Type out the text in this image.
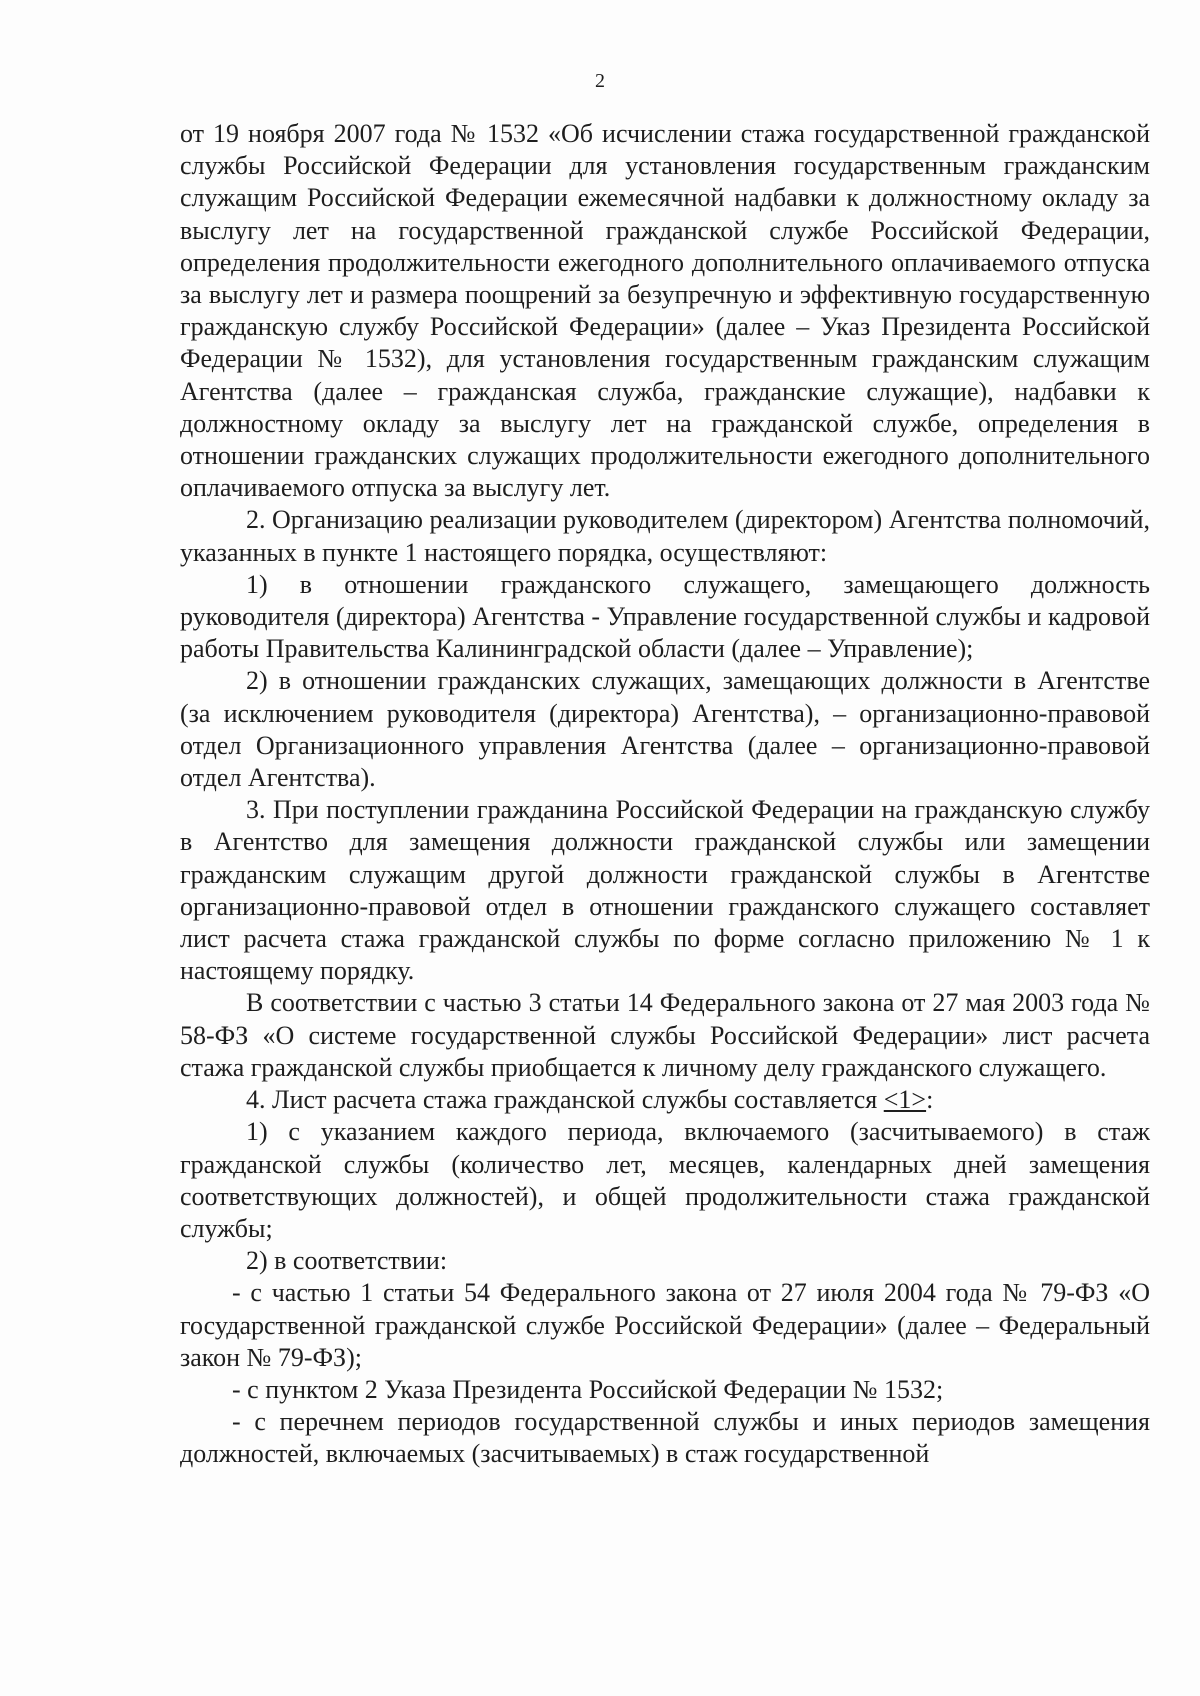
2

от 19 ноября 2007 года № 1532 «Об исчислении стажа государственной гражданской службы Российской Федерации для установления государственным гражданским служащим Российской Федерации ежемесячной надбавки к должностному окладу за выслугу лет на государственной гражданской службе Российской Федерации, определения продолжительности ежегодного дополнительного оплачиваемого отпуска за выслугу лет и размера поощрений за безупречную и эффективную государственную гражданскую службу Российской Федерации» (далее – Указ Президента Российской Федерации № 1532), для установления государственным гражданским служащим Агентства (далее – гражданская служба, гражданские служащие), надбавки к должностному окладу за выслугу лет на гражданской службе, определения в отношении гражданских служащих продолжительности ежегодного дополнительного оплачиваемого отпуска за выслугу лет.

2. Организацию реализации руководителем (директором) Агентства полномочий, указанных в пункте 1 настоящего порядка, осуществляют:

1) в отношении гражданского служащего, замещающего должность руководителя (директора) Агентства - Управление государственной службы и кадровой работы Правительства Калининградской области (далее – Управление);

2) в отношении гражданских служащих, замещающих должности в Агентстве (за исключением руководителя (директора) Агентства), – организационно-правовой отдел Организационного управления Агентства (далее – организационно-правовой отдел Агентства).

3. При поступлении гражданина Российской Федерации на гражданскую службу в Агентство для замещения должности гражданской службы или замещении гражданским служащим другой должности гражданской службы в Агентстве организационно-правовой отдел в отношении гражданского служащего составляет лист расчета стажа гражданской службы по форме согласно приложению № 1 к настоящему порядку.

В соответствии с частью 3 статьи 14 Федерального закона от 27 мая 2003 года № 58-ФЗ «О системе государственной службы Российской Федерации» лист расчета стажа гражданской службы приобщается к личному делу гражданского служащего.

4. Лист расчета стажа гражданской службы составляется <1>:

1) с указанием каждого периода, включаемого (засчитываемого) в стаж гражданской службы (количество лет, месяцев, календарных дней замещения соответствующих должностей), и общей продолжительности стажа гражданской службы;

2) в соответствии:

- с частью 1 статьи 54 Федерального закона от 27 июля 2004 года № 79-ФЗ «О государственной гражданской службе Российской Федерации» (далее – Федеральный закон № 79-ФЗ);

- с пунктом 2 Указа Президента Российской Федерации № 1532;

- с перечнем периодов государственной службы и иных периодов замещения должностей, включаемых (засчитываемых) в стаж государственной
